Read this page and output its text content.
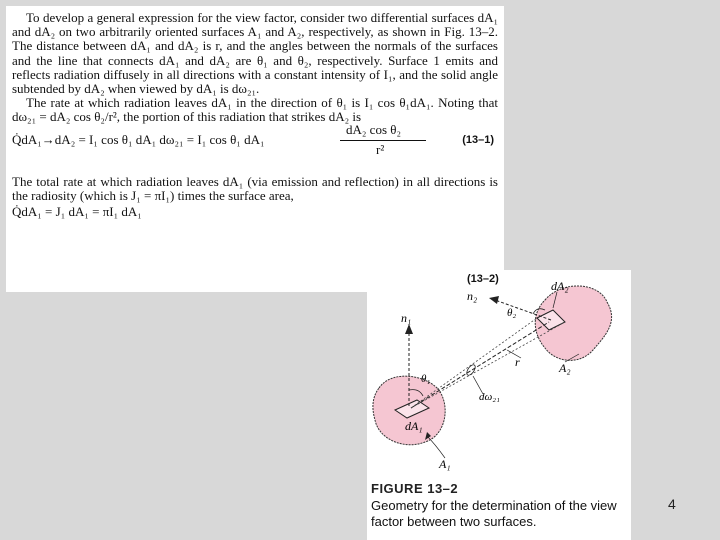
To develop a general expression for the view factor, consider two differential surfaces dA₁ and dA₂ on two arbitrarily oriented surfaces A₁ and A₂, respectively, as shown in Fig. 13–2. The distance between dA₁ and dA₂ is r, and the angles between the normals of the surfaces and the line that connects dA₁ and dA₂ are θ₁ and θ₂, respectively. Surface 1 emits and reflects radiation diffusely in all directions with a constant intensity of I₁, and the solid angle subtended by dA₂ when viewed by dA₁ is dω₂₁.

The rate at which radiation leaves dA₁ in the direction of θ₁ is I₁ cos θ₁dA₁. Noting that dω₂₁ = dA₂ cos θ₂/r², the portion of this radiation that strikes dA₂ is

Q̇dA₁→dA₂ = I₁ cos θ₁ dA₁ dω₂₁ = I₁ cos θ₁ dA₁
dA₂ cos θ₂
r²
(13–1)

The total rate at which radiation leaves dA₁ (via emission and reflection) in all directions is the radiosity (which is J₁ = πI₁) times the surface area,

Q̇dA₁ = J₁ dA₁ = πI₁ dA₁
(13–2)
n₁
n₂
θ₁
θ₂
dA₂
dA₁
A₂
A₁
r
dω₂₁
FIGURE 13–2
Geometry for the determination of the view factor between two surfaces.
4
